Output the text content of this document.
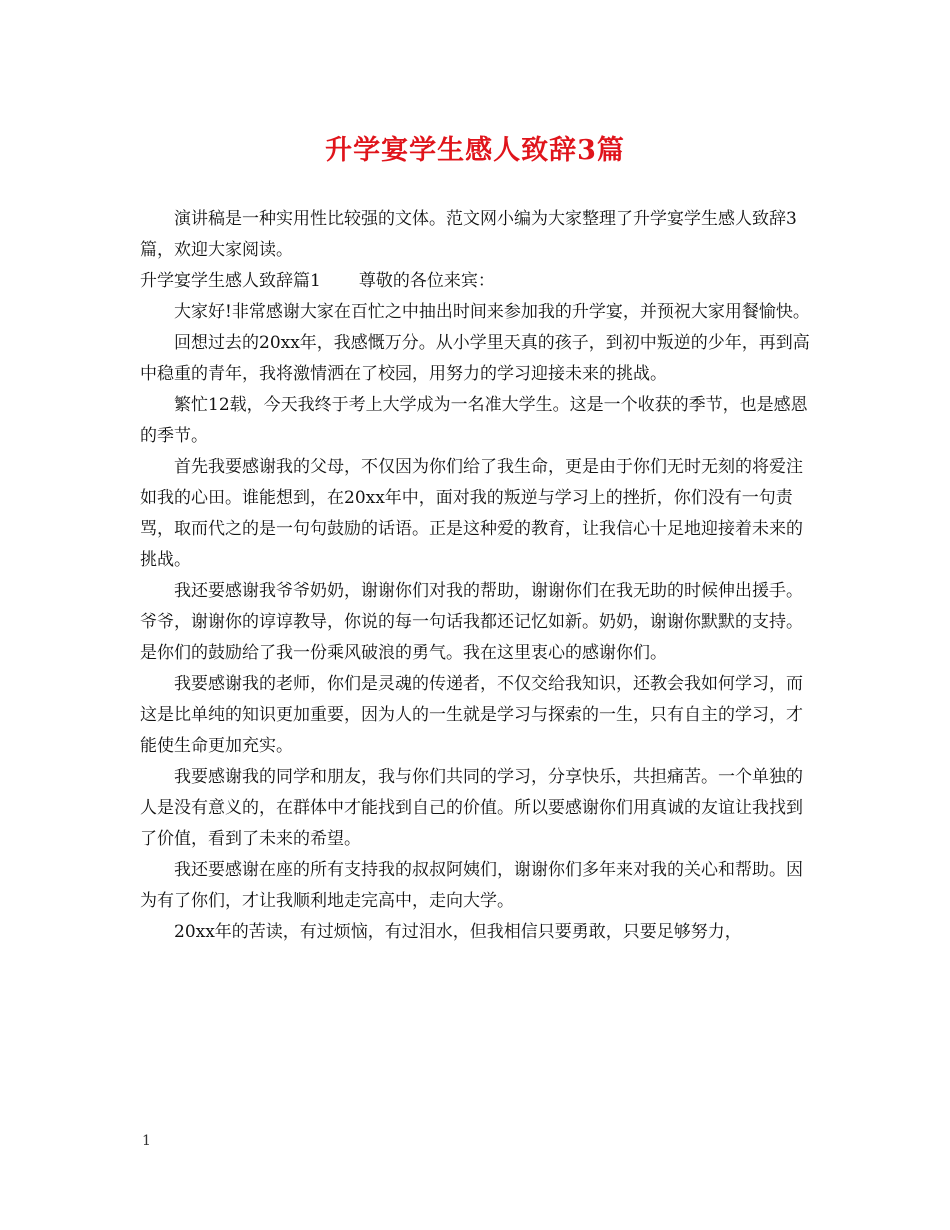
升学宴学生感人致辞3篇

演讲稿是一种实用性比较强的文体。范文网小编为大家整理了升学宴学生感人致辞3篇，欢迎大家阅读。

升学宴学生感人致辞篇1 尊敬的各位来宾：

大家好!非常感谢大家在百忙之中抽出时间来参加我的升学宴，并预祝大家用餐愉快。

回想过去的20xx年，我感慨万分。从小学里天真的孩子，到初中叛逆的少年，再到高中稳重的青年，我将激情洒在了校园，用努力的学习迎接未来的挑战。

繁忙12载，今天我终于考上大学成为一名准大学生。这是一个收获的季节，也是感恩的季节。

首先我要感谢我的父母，不仅因为你们给了我生命，更是由于你们无时无刻的将爱注如我的心田。谁能想到，在20xx年中，面对我的叛逆与学习上的挫折，你们没有一句责骂，取而代之的是一句句鼓励的话语。正是这种爱的教育，让我信心十足地迎接着未来的挑战。

我还要感谢我爷爷奶奶，谢谢你们对我的帮助，谢谢你们在我无助的时候伸出援手。爷爷，谢谢你的谆谆教导，你说的每一句话我都还记忆如新。奶奶，谢谢你默默的支持。是你们的鼓励给了我一份乘风破浪的勇气。我在这里衷心的感谢你们。

我要感谢我的老师，你们是灵魂的传递者，不仅交给我知识，还教会我如何学习，而这是比单纯的知识更加重要，因为人的一生就是学习与探索的一生，只有自主的学习，才能使生命更加充实。

我要感谢我的同学和朋友，我与你们共同的学习，分享快乐，共担痛苦。一个单独的人是没有意义的，在群体中才能找到自己的价值。所以要感谢你们用真诚的友谊让我找到了价值，看到了未来的希望。

我还要感谢在座的所有支持我的叔叔阿姨们，谢谢你们多年来对我的关心和帮助。因为有了你们，才让我顺利地走完高中，走向大学。

20xx年的苦读，有过烦恼，有过泪水，但我相信只要勇敢，只要足够努力，

1
